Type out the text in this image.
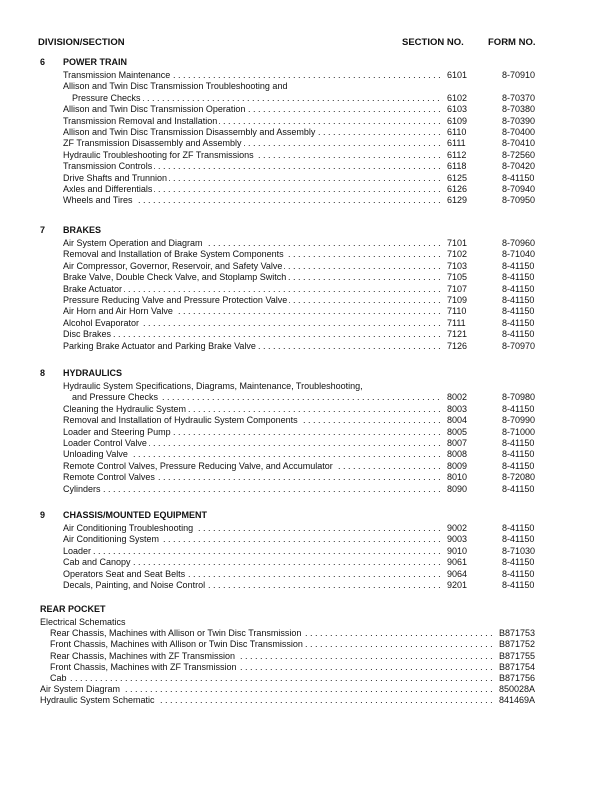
DIVISION/SECTION	SECTION NO.	FORM NO.
6 POWER TRAIN
Transmission Maintenance . . .	6101	8-70910
Allison and Twin Disc Transmission Troubleshooting and
Pressure Checks . . .	6102	8-70370
Allison and Twin Disc Transmission Operation . . .	6103	8-70380
Transmission Removal and Installation . . .	6109	8-70390
Allison and Twin Disc Transmission Disassembly and Assembly . . .	6110	8-70400
ZF Transmission Disassembly and Assembly . . .	6111	8-70410
Hydraulic Troubleshooting for ZF Transmissions . . .	6112	8-72560
Transmission Controls . . .	6118	8-70420
Drive Shafts and Trunnion . . .	6125	8-41150
Axles and Differentials . . .	6126	8-70940
Wheels and Tires . . .	6129	8-70950
7 BRAKES
Air System Operation and Diagram . . .	7101	8-70960
Removal and Installation of Brake System Components . . .	7102	8-71040
Air Compressor, Governor, Reservoir, and Safety Valve . . .	7103	8-41150
Brake Valve, Double Check Valve, and Stoplamp Switch . . .	7105	8-41150
Brake Actuator . . .	7107	8-41150
Pressure Reducing Valve and Pressure Protection Valve . . .	7109	8-41150
Air Horn and Air Horn Valve . . .	7110	8-41150
Alcohol Evaporator . . .	7111	8-41150
Disc Brakes . . .	7121	8-41150
Parking Brake Actuator and Parking Brake Valve . . .	7126	8-70970
8 HYDRAULICS
Hydraulic System Specifications, Diagrams, Maintenance, Troubleshooting,
and Pressure Checks . . .	8002	8-70980
Cleaning the Hydraulic System . . .	8003	8-41150
Removal and Installation of Hydraulic System Components . . .	8004	8-70990
Loader and Steering Pump . . .	8005	8-71000
Loader Control Valve . . .	8007	8-41150
Unloading Valve . . .	8008	8-41150
Remote Control Valves, Pressure Reducing Valve, and Accumulator . . .	8009	8-41150
Remote Control Valves . . .	8010	8-72080
Cylinders . . .	8090	8-41150
9 CHASSIS/MOUNTED EQUIPMENT
Air Conditioning Troubleshooting . . .	9002	8-41150
Air Conditioning System . . .	9003	8-41150
Loader . . .	9010	8-71030
Cab and Canopy . . .	9061	8-41150
Operators Seat and Seat Belts . . .	9064	8-41150
Decals, Painting, and Noise Control . . .	9201	8-41150
REAR POCKET
Electrical Schematics
Rear Chassis, Machines with Allison or Twin Disc Transmission . . .	B871753
Front Chassis, Machines with Allison or Twin Disc Transmission . . .	B871752
Rear Chassis, Machines with ZF Transmission . . .	B871755
Front Chassis, Machines with ZF Transmission . . .	B871754
Cab . . .	B871756
Air System Diagram . . .	850028A
Hydraulic System Schematic . . .	841469A
